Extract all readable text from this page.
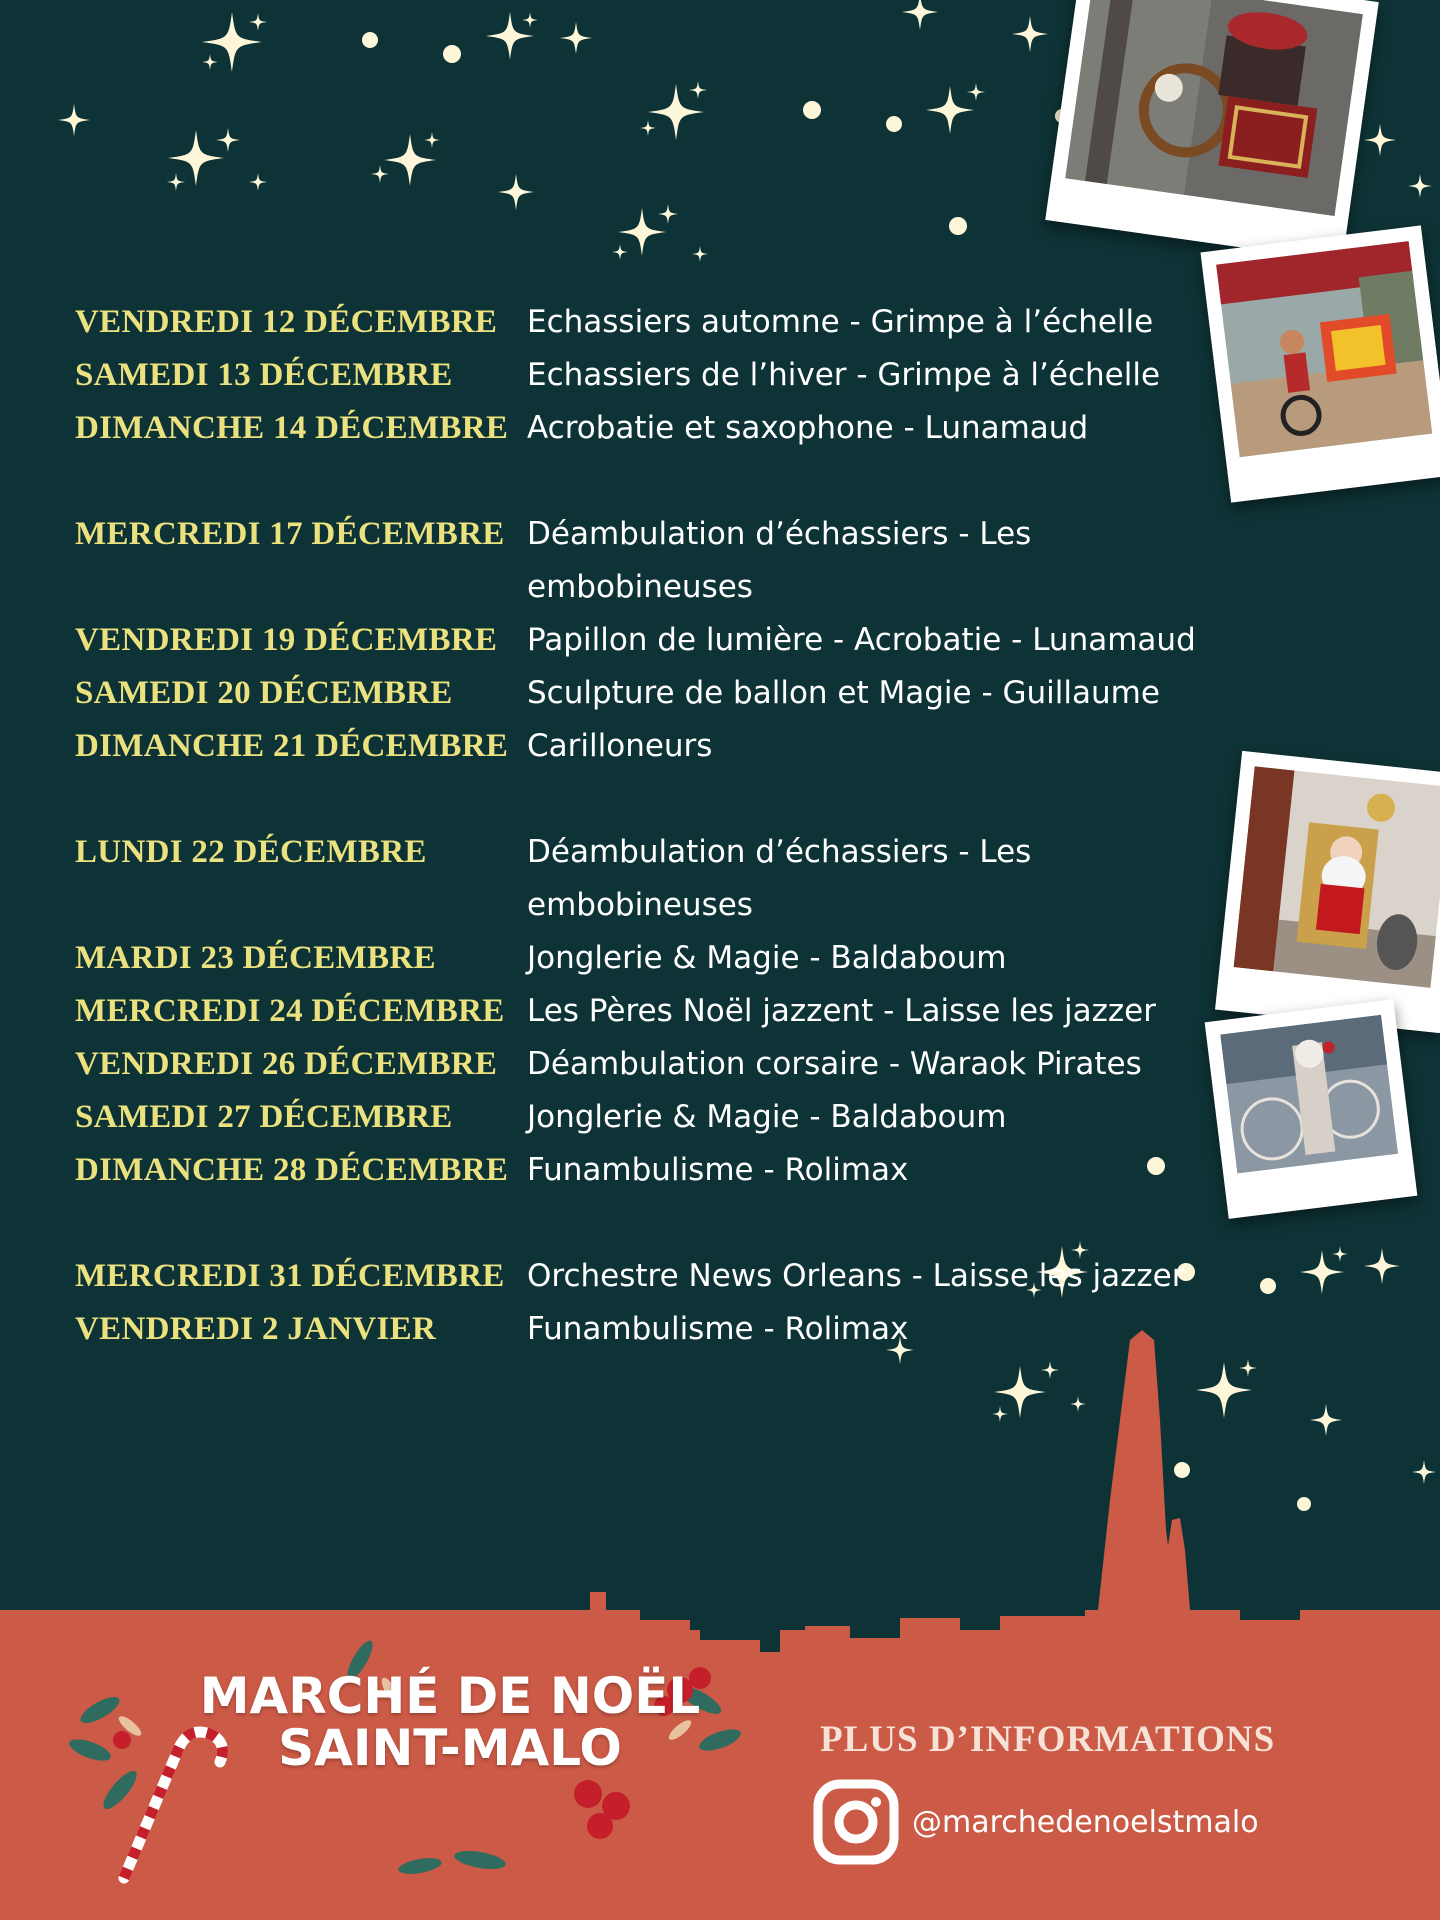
VENDREDI 12 DÉCEMBRE Echassiers automne - Grimpe à l’échelle
SAMEDI 13 DÉCEMBRE	Echassiers de l’hiver - Grimpe à l’échelle
DIMANCHE 14 DÉCEMBRE Acrobatie et saxophone - Lunamaud
MERCREDI 17 DÉCEMBRE Déambulation d’échassiers - Les embobineuses
VENDREDI 19 DÉCEMBRE Papillon de lumière - Acrobatie - Lunamaud
SAMEDI 20 DÉCEMBRE	Sculpture de ballon et Magie - Guillaume
DIMANCHE 21 DÉCEMBRE Carilloneurs
LUNDI 22 DÉCEMBRE	Déambulation d’échassiers - Les embobineuses
MARDI 23 DÉCEMBRE	Jonglerie & Magie - Baldaboum
MERCREDI 24 DÉCEMBRE Les Pères Noël jazzent - Laisse les jazzer
VENDREDI 26 DÉCEMBRE Déambulation corsaire - Waraok Pirates
SAMEDI 27 DÉCEMBRE	Jonglerie & Magie - Baldaboum
DIMANCHE 28 DÉCEMBRE Funambulisme - Rolimax
MERCREDI 31 DÉCEMBRE Orchestre News Orleans - Laisse les jazzer
VENDREDI 2 JANVIER	Funambulisme - Rolimax
MARCHÉ DE NOËL
SAINT-MALO	PLUS D’INFORMATIONS
@marchedenoelstmalo
